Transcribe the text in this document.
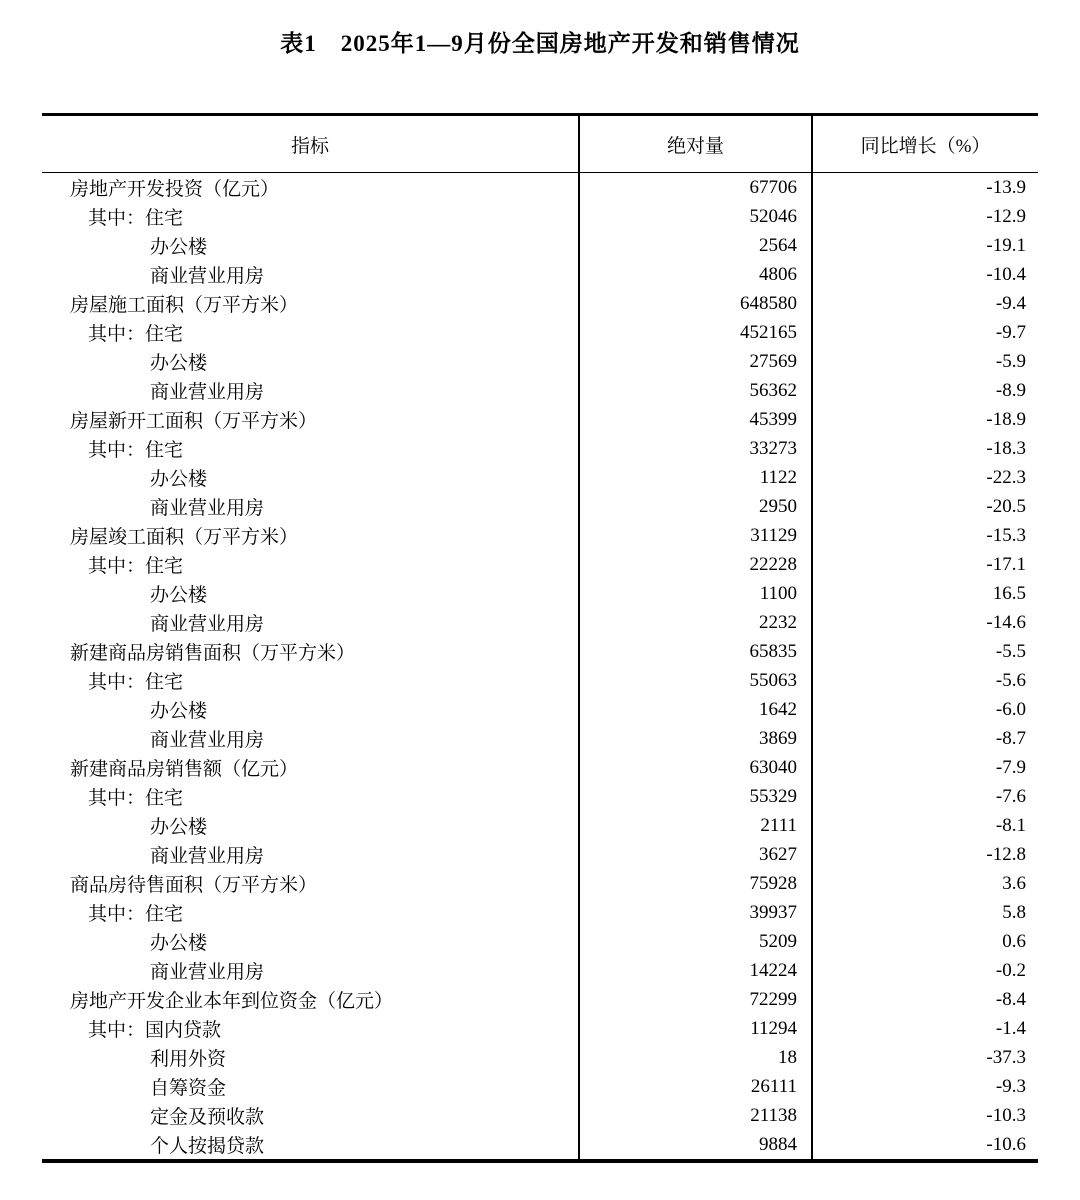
表1　2025年1—9月份全国房地产开发和销售情况
指标	绝对量	同比增长（%）
房地产开发投资（亿元）	67706	-13.9
其中：住宅	52046	-12.9
办公楼	2564	-19.1
商业营业用房	4806	-10.4
房屋施工面积（万平方米）	648580	-9.4
其中：住宅	452165	-9.7
办公楼	27569	-5.9
商业营业用房	56362	-8.9
房屋新开工面积（万平方米）	45399	-18.9
其中：住宅	33273	-18.3
办公楼	1122	-22.3
商业营业用房	2950	-20.5
房屋竣工面积（万平方米）	31129	-15.3
其中：住宅	22228	-17.1
办公楼	1100	16.5
商业营业用房	2232	-14.6
新建商品房销售面积（万平方米）	65835	-5.5
其中：住宅	55063	-5.6
办公楼	1642	-6.0
商业营业用房	3869	-8.7
新建商品房销售额（亿元）	63040	-7.9
其中：住宅	55329	-7.6
办公楼	2111	-8.1
商业营业用房	3627	-12.8
商品房待售面积（万平方米）	75928	3.6
其中：住宅	39937	5.8
办公楼	5209	0.6
商业营业用房	14224	-0.2
房地产开发企业本年到位资金（亿元）	72299	-8.4
其中：国内贷款	11294	-1.4
利用外资	18	-37.3
自筹资金	26111	-9.3
定金及预收款	21138	-10.3
个人按揭贷款	9884	-10.6
